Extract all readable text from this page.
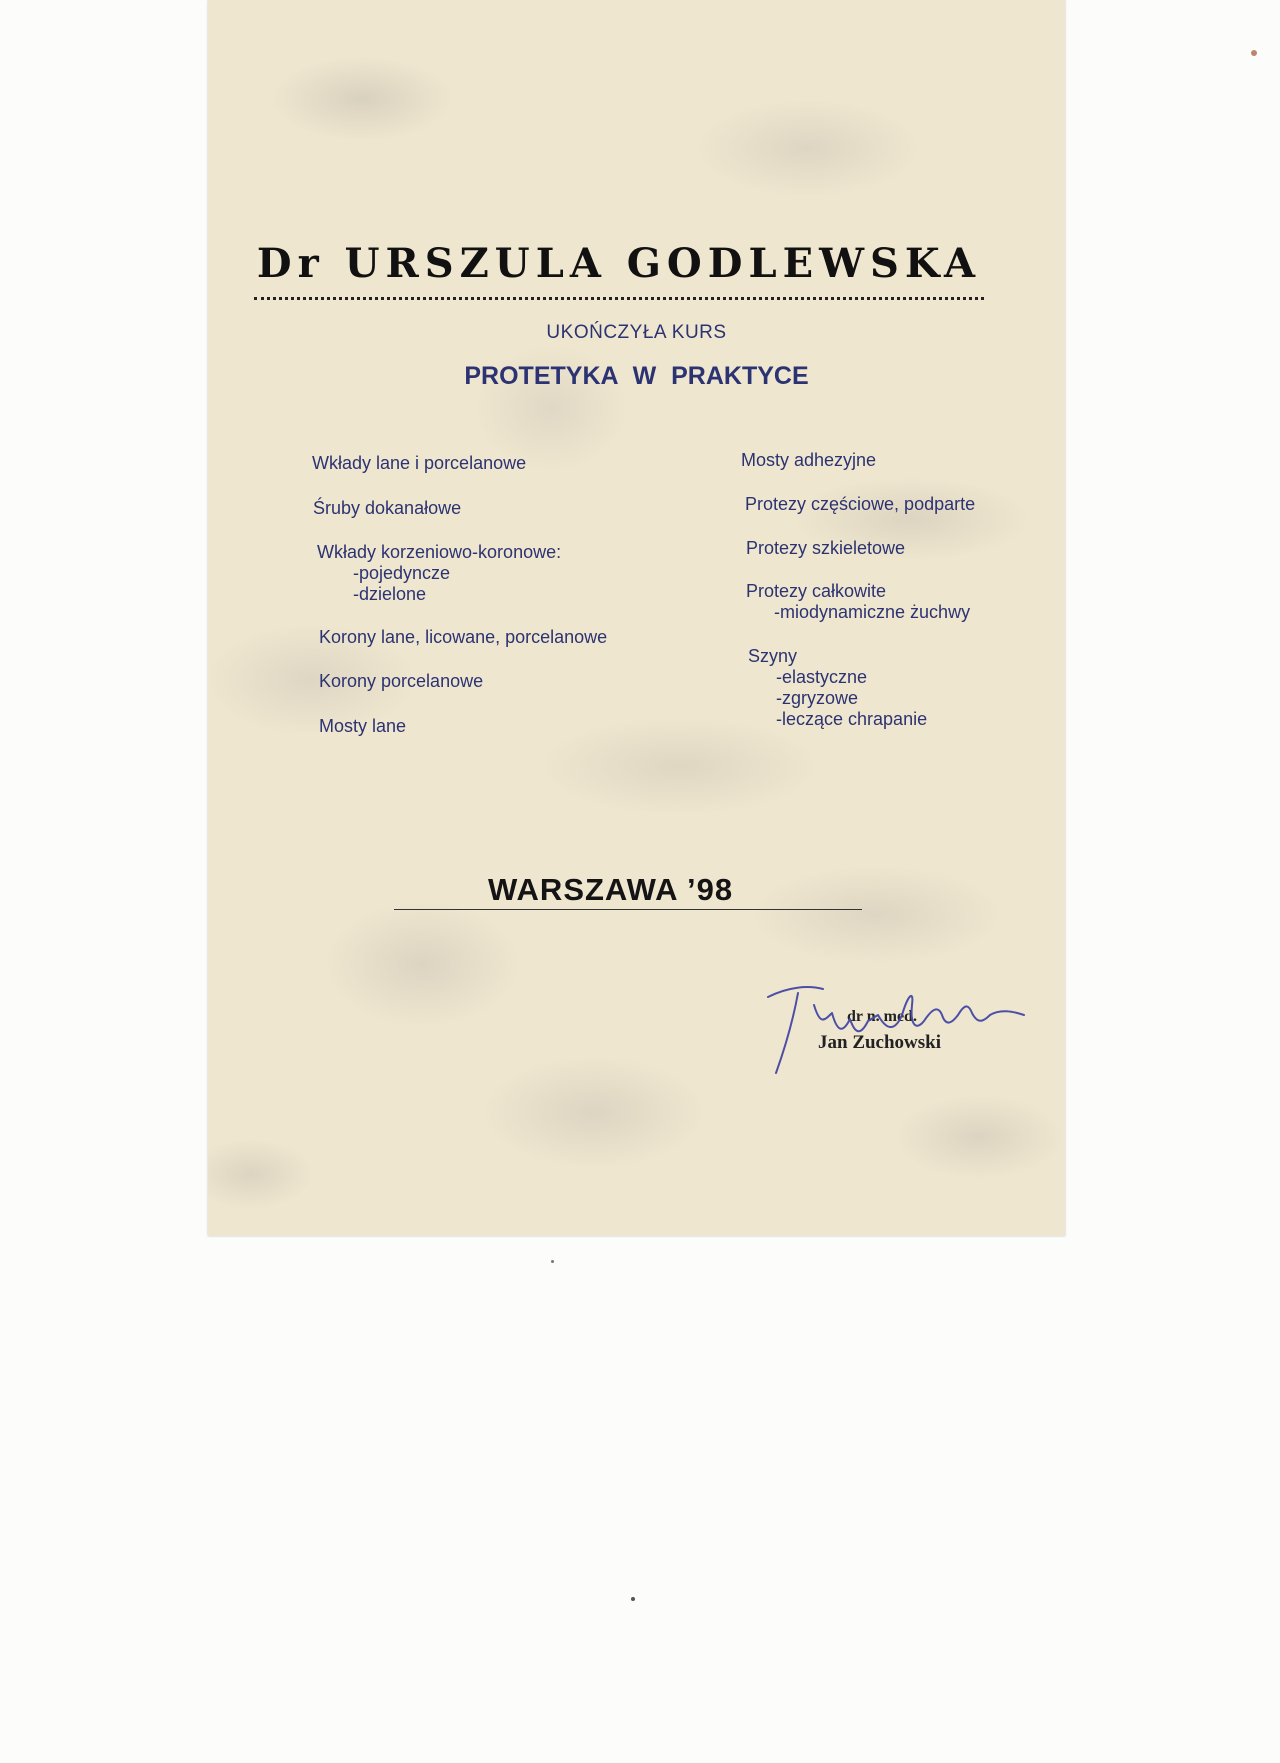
Dr URSZULA GODLEWSKA
UKOŃCZYŁA KURS
PROTETYKA W PRAKTYCE
Wkłady lane i porcelanowe
Śruby dokanałowe
Wkłady korzeniowo-koronowe:
-pojedyncze
-dzielone
Korony lane, licowane, porcelanowe
Korony porcelanowe
Mosty lane
Mosty adhezyjne
Protezy częściowe, podparte
Protezy szkieletowe
Protezy całkowite
-miodynamiczne żuchwy
Szyny
-elastyczne
-zgryzowe
-leczące chrapanie
WARSZAWA ’98
dr n. med.
Jan Zuchowski
